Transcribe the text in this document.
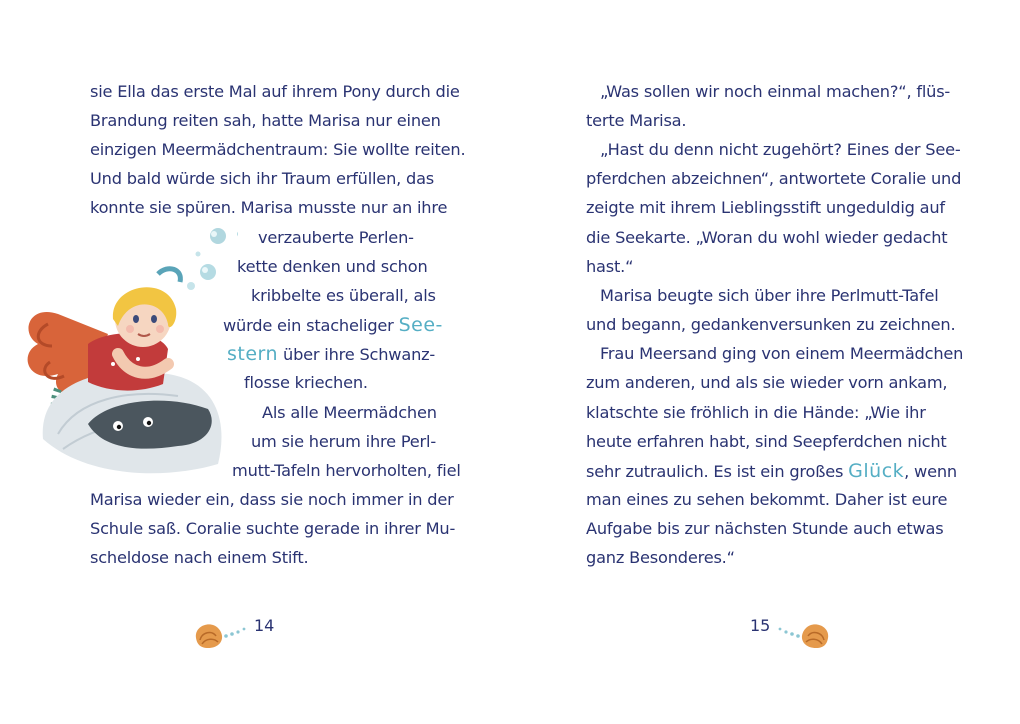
sie Ella das erste Mal auf ihrem Pony durch die
Brandung reiten sah, hatte Marisa nur einen
einzigen Meermädchentraum: Sie wollte reiten.
Und bald würde sich ihr Traum erfüllen, das
konnte sie spüren. Marisa musste nur an ihre
verzauberte Perlen-
kette denken und schon
kribbelte es überall, als
würde ein stacheliger See-
stern über ihre Schwanz-
flosse kriechen.
Als alle Meermädchen
um sie herum ihre Perl-
mutt-Tafeln hervorholten, fiel
Marisa wieder ein, dass sie noch immer in der
Schule saß. Coralie suchte gerade in ihrer Mu-
scheldose nach einem Stift.
14
„Was sollen wir noch einmal machen?“, flüs-
terte Marisa.
„Hast du denn nicht zugehört? Eines der See-
pferdchen abzeichnen“, antwortete Coralie und
zeigte mit ihrem Lieblingsstift ungeduldig auf
die Seekarte. „Woran du wohl wieder gedacht
hast.“
Marisa beugte sich über ihre Perlmutt-Tafel
und begann, gedankenversunken zu zeichnen.
Frau Meersand ging von einem Meermädchen
zum anderen, und als sie wieder vorn ankam,
klatschte sie fröhlich in die Hände: „Wie ihr
heute erfahren habt, sind Seepferdchen nicht
sehr zutraulich. Es ist ein großes Glück, wenn
man eines zu sehen bekommt. Daher ist eure
Aufgabe bis zur nächsten Stunde auch etwas
ganz Besonderes.“
15
